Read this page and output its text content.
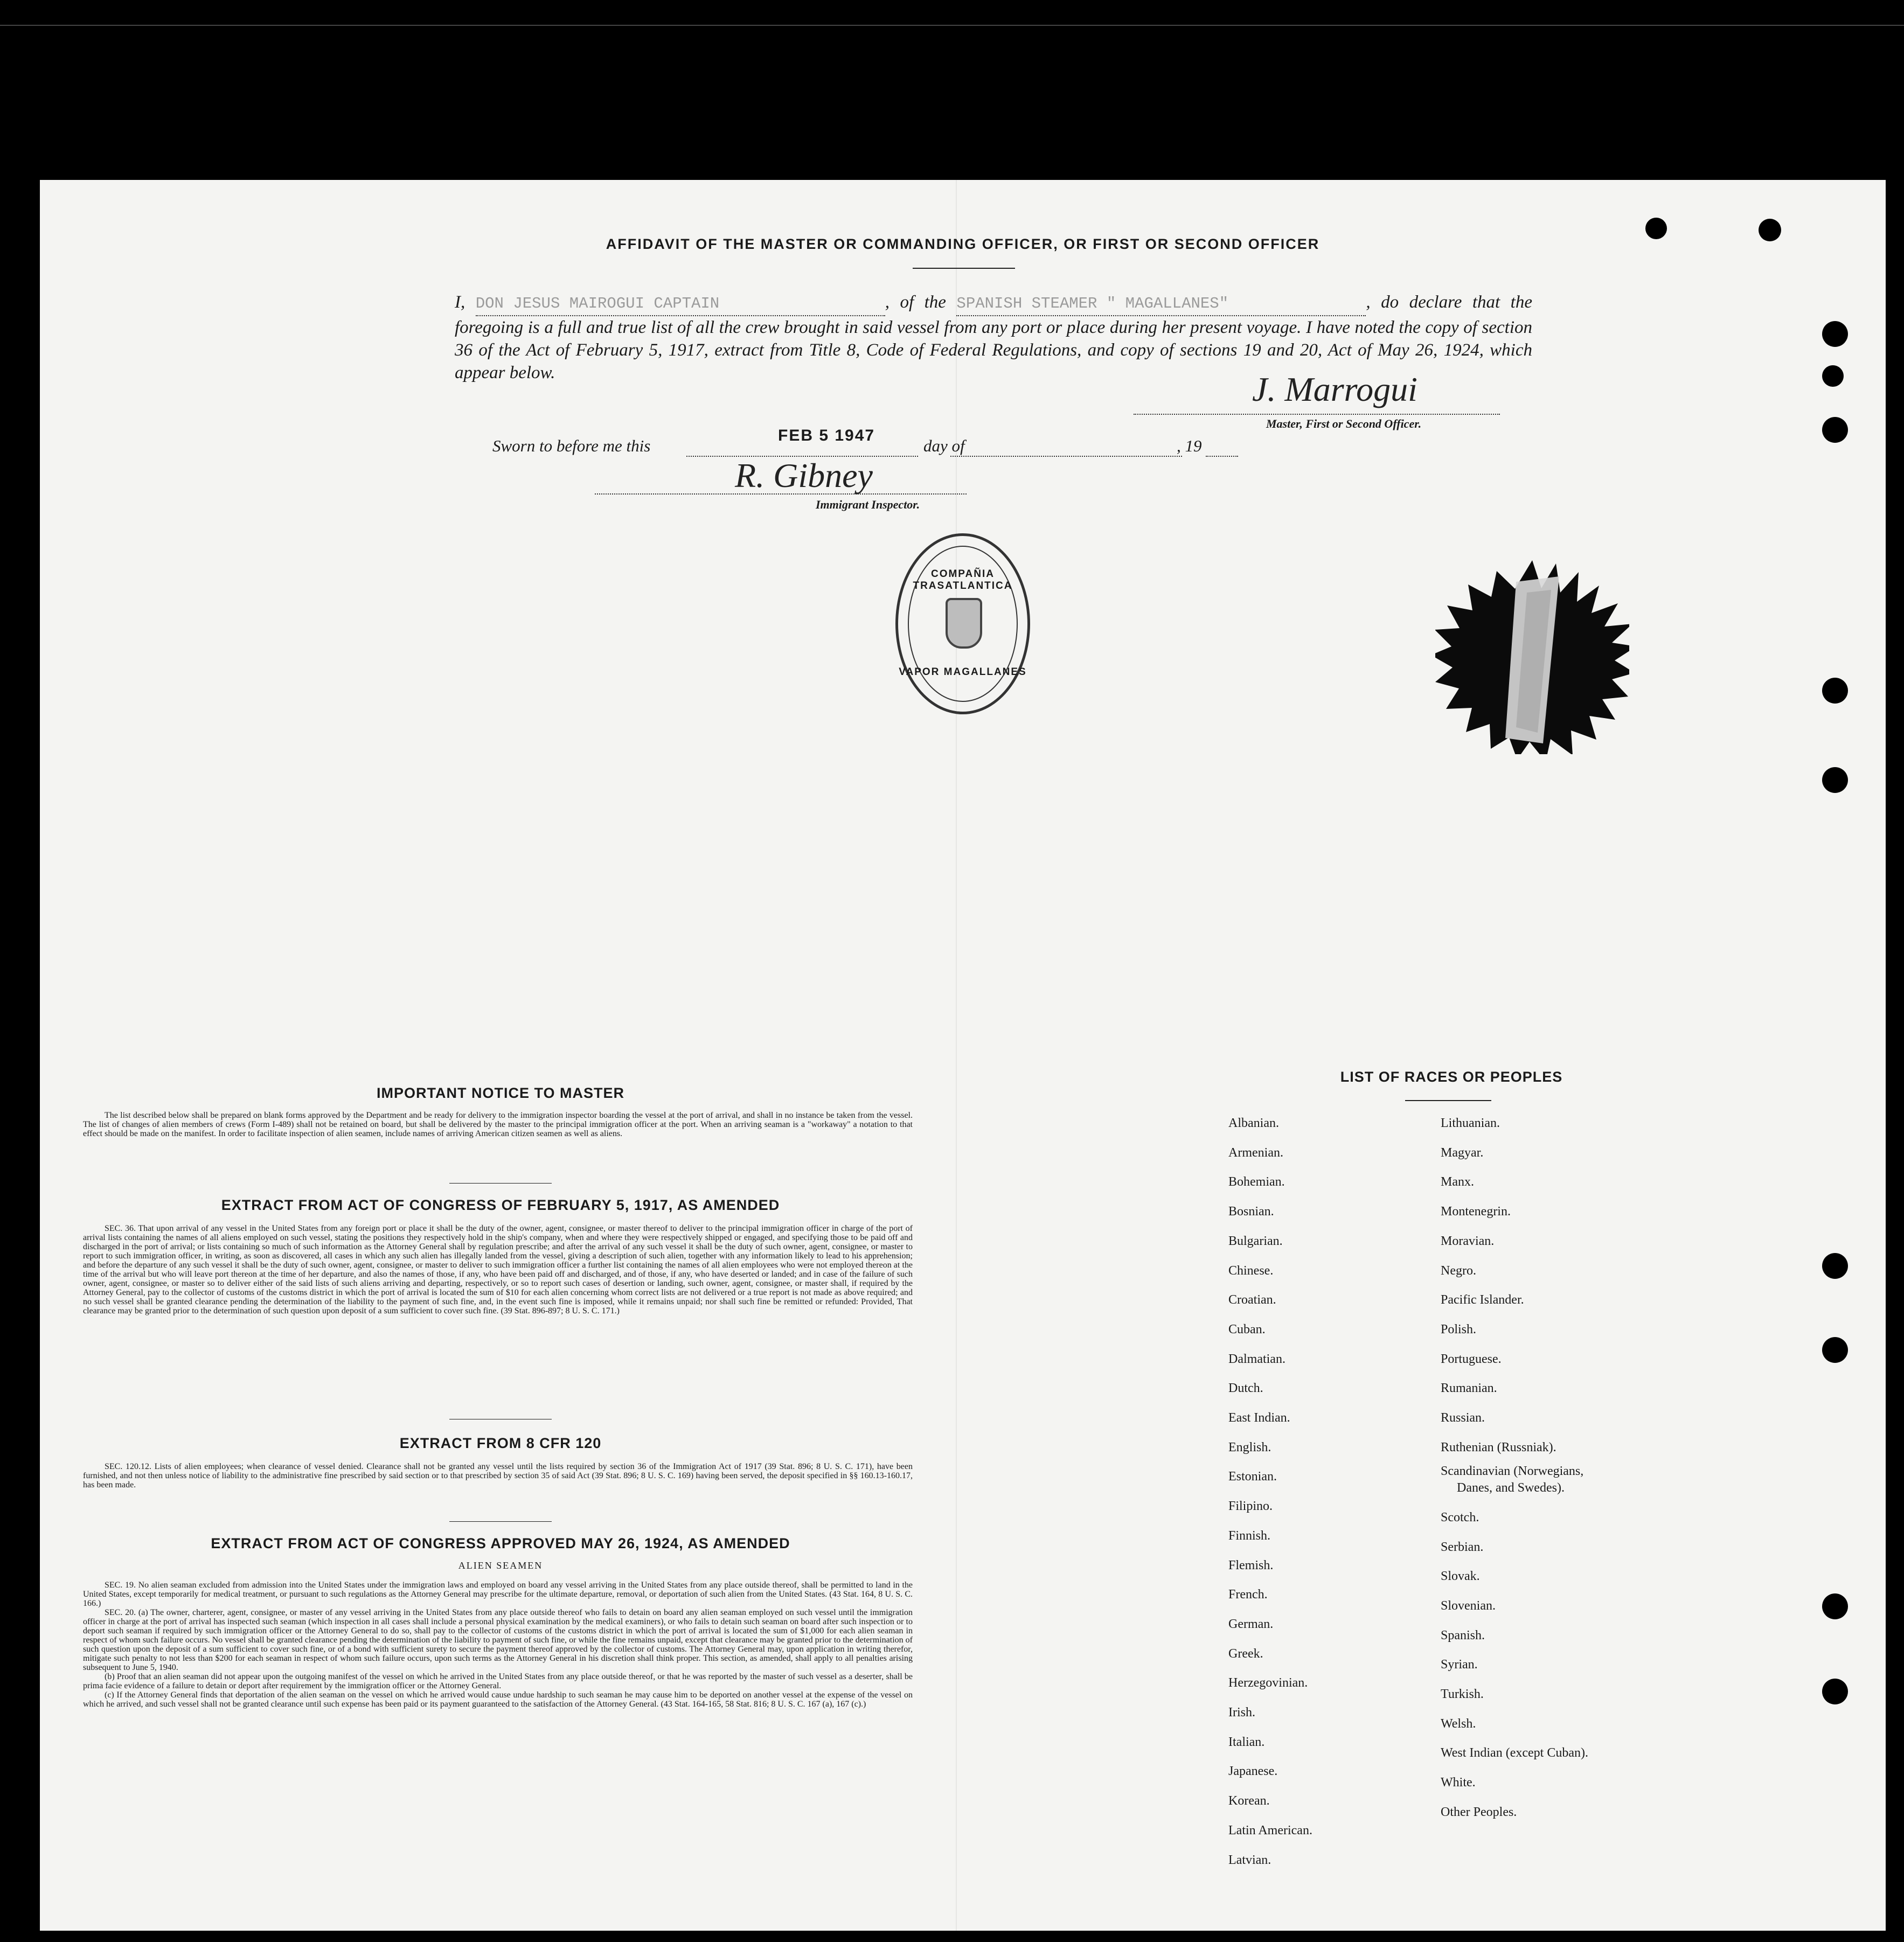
AFFIDAVIT OF THE MASTER OR COMMANDING OFFICER, OR FIRST OR SECOND OFFICER
I, DON JESUS MAIROGUI CAPTAIN	, of the SPANISH STEAMER " MAGALLANES"	, do declare that the foregoing is a full and true list of all the crew brought in said vessel from any port or place during her present voyage. I have noted the copy of section 36 of the Act of February 5, 1917, extract from Title 8, Code of Federal Regulations, and copy of sections 19 and 20, Act of May 26, 1924, which appear below.	J. Marrogui
Master, First or Second Officer.
Sworn to before me this
FEB 5 1947
day of	, 19
R. Gibney
Immigrant Inspector.
COMPAÑIA TRASATLANTICA
VAPOR MAGALLANES
IMPORTANT NOTICE TO MASTER

The list described below shall be prepared on blank forms approved by the Department and be ready for delivery to the immigration inspector boarding the vessel at the port of arrival, and shall in no instance be taken from the vessel. The list of changes of alien members of crews (Form I-489) shall not be retained on board, but shall be delivered by the master to the principal immigration officer at the port. When an arriving seaman is a "workaway" a notation to that effect should be made on the manifest. In order to facilitate inspection of alien seamen, include names of arriving American citizen seamen as well as aliens.

EXTRACT FROM ACT OF CONGRESS OF FEBRUARY 5, 1917, AS AMENDED

SEC. 36. That upon arrival of any vessel in the United States from any foreign port or place it shall be the duty of the owner, agent, consignee, or master thereof to deliver to the principal immigration officer in charge of the port of arrival lists containing the names of all aliens employed on such vessel, stating the positions they respectively hold in the ship's company, when and where they were respectively shipped or engaged, and specifying those to be paid off and discharged in the port of arrival; or lists containing so much of such information as the Attorney General shall by regulation prescribe; and after the arrival of any such vessel it shall be the duty of such owner, agent, consignee, or master to report to such immigration officer, in writing, as soon as discovered, all cases in which any such alien has illegally landed from the vessel, giving a description of such alien, together with any information likely to lead to his apprehension; and before the departure of any such vessel it shall be the duty of such owner, agent, consignee, or master to deliver to such immigration officer a further list containing the names of all alien employees who were not employed thereon at the time of the arrival but who will leave port thereon at the time of her departure, and also the names of those, if any, who have been paid off and discharged, and of those, if any, who have deserted or landed; and in case of the failure of such owner, agent, consignee, or master so to deliver either of the said lists of such aliens arriving and departing, respectively, or so to report such cases of desertion or landing, such owner, agent, consignee, or master shall, if required by the Attorney General, pay to the collector of customs of the customs district in which the port of arrival is located the sum of $10 for each alien concerning whom correct lists are not delivered or a true report is not made as above required; and no such vessel shall be granted clearance pending the determination of the liability to the payment of such fine, and, in the event such fine is imposed, while it remains unpaid; nor shall such fine be remitted or refunded: Provided, That clearance may be granted prior to the determination of such question upon deposit of a sum sufficient to cover such fine. (39 Stat. 896-897; 8 U. S. C. 171.)

EXTRACT FROM 8 CFR 120

SEC. 120.12. Lists of alien employees; when clearance of vessel denied. Clearance shall not be granted any vessel until the lists required by section 36 of the Immigration Act of 1917 (39 Stat. 896; 8 U. S. C. 171), have been furnished, and not then unless notice of liability to the administrative fine prescribed by said section or to that prescribed by section 35 of said Act (39 Stat. 896; 8 U. S. C. 169) having been served, the deposit specified in §§ 160.13-160.17, has been made.

EXTRACT FROM ACT OF CONGRESS APPROVED MAY 26, 1924, AS AMENDED
ALIEN SEAMEN

SEC. 19. No alien seaman excluded from admission into the United States under the immigration laws and employed on board any vessel arriving in the United States from any place outside thereof, shall be permitted to land in the United States, except temporarily for medical treatment, or pursuant to such regulations as the Attorney General may prescribe for the ultimate departure, removal, or deportation of such alien from the United States. (43 Stat. 164, 8 U. S. C. 166.)

SEC. 20. (a) The owner, charterer, agent, consignee, or master of any vessel arriving in the United States from any place outside thereof who fails to detain on board any alien seaman employed on such vessel until the immigration officer in charge at the port of arrival has inspected such seaman (which inspection in all cases shall include a personal physical examination by the medical examiners), or who fails to detain such seaman on board after such inspection or to deport such seaman if required by such immigration officer or the Attorney General to do so, shall pay to the collector of customs of the customs district in which the port of arrival is located the sum of $1,000 for each alien seaman in respect of whom such failure occurs. No vessel shall be granted clearance pending the determination of the liability to payment of such fine, or while the fine remains unpaid, except that clearance may be granted prior to the determination of such question upon the deposit of a sum sufficient to cover such fine, or of a bond with sufficient surety to secure the payment thereof approved by the collector of customs. The Attorney General may, upon application in writing therefor, mitigate such penalty to not less than $200 for each seaman in respect of whom such failure occurs, upon such terms as the Attorney General in his discretion shall think proper. This section, as amended, shall apply to all penalties arising subsequent to June 5, 1940.

(b) Proof that an alien seaman did not appear upon the outgoing manifest of the vessel on which he arrived in the United States from any place outside thereof, or that he was reported by the master of such vessel as a deserter, shall be prima facie evidence of a failure to detain or deport after requirement by the immigration officer or the Attorney General.

(c) If the Attorney General finds that deportation of the alien seaman on the vessel on which he arrived would cause undue hardship to such seaman he may cause him to be deported on another vessel at the expense of the vessel on which he arrived, and such vessel shall not be granted clearance until such expense has been paid or its payment guaranteed to the satisfaction of the Attorney General. (43 Stat. 164-165, 58 Stat. 816; 8 U. S. C. 167 (a), 167 (c).)

LIST OF RACES OR PEOPLES
Albanian.
Armenian.
Bohemian.
Bosnian.
Bulgarian.
Chinese.
Croatian.
Cuban.
Dalmatian.
Dutch.
East Indian.
English.
Estonian.
Filipino.
Finnish.
Flemish.
French.
German.
Greek.
Herzegovinian.
Irish.
Italian.
Japanese.
Korean.
Latin American.
Latvian.
Lithuanian.
Magyar.
Manx.
Montenegrin.
Moravian.
Negro.
Pacific Islander.
Polish.
Portuguese.
Rumanian.
Russian.
Ruthenian (Russniak).
Scandinavian (Norwegians,
Danes, and Swedes).
Scotch.
Serbian.
Slovak.
Slovenian.
Spanish.
Syrian.
Turkish.
Welsh.
West Indian (except Cuban).
White.
Other Peoples.
